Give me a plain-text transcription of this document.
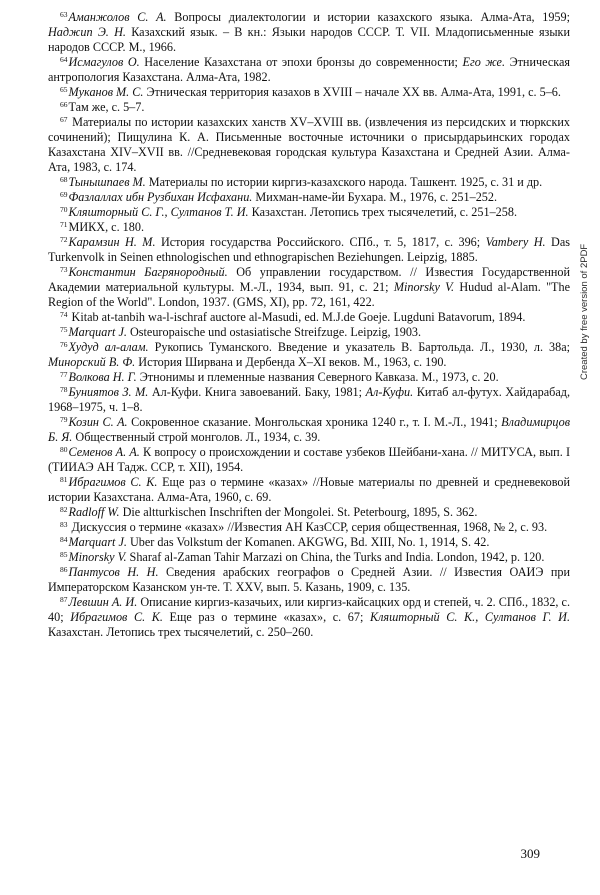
$^{63}$Аманжолов С. А. Вопросы диалектологии и истории казахского языка. Алма-Ата, 1959; Наджип Э. Н. Казахский язык. – В кн.: Языки народов СССР. Т. VII. Младописьменные языки народов СССР. М., 1966.

$^{64}$Исмагулов О. Население Казахстана от эпохи бронзы до современности; Его же. Этническая антропология Казахстана. Алма-Ата, 1982.

$^{65}$Муканов М. С. Этническая территория казахов в XVIII – начале XX вв. Алма-Ата, 1991, с. 5–6.

$^{66}$Там же, с. 5–7.

$^{67}$ Материалы по истории казахских ханств XV–XVIII вв. (извлечения из персидских и тюркских сочинений); Пищулина К. А. Письменные восточные источники о присырдарьинских городах Казахстана XIV–XVII вв. //Средневековая городская культура Казахстана и Средней Азии. Алма-Ата, 1983, с. 174.

$^{68}$Тынышпаев М. Материалы по истории киргиз-казахского народа. Ташкент. 1925, с. 31 и др.

$^{69}$Фазлаллах ибн Рузбихан Исфахани. Михман-наме-йи Бухара. М., 1976, с. 251–252.

$^{70}$Кляшторный С. Г., Султанов Т. И. Казахстан. Летопись трех тысячелетий, с. 251–258.

$^{71}$МИКХ, с. 180.

$^{72}$Карамзин Н. М. История государства Российского. СПб., т. 5, 1817, с. 396; Vambery H. Das Turkenvolk in Seinen ethnologischen und ethnograpischen Beziehungen. Leipzig, 1885.

$^{73}$Константин Багрянородный. Об управлении государством. // Известия Государственной Академии материальной культуры. М.-Л., 1934, вып. 91, с. 21; Minorsky V. Hudud al-Alam. "The Region of the World". London, 1937. (GMS, XI), pp. 72, 161, 422.

$^{74}$ Kitab at-tanbih wa-l-ischraf auctore al-Masudi, ed. M.J.de Goeje. Lugduni Batavorum, 1894.

$^{75}$Marquart J. Osteuropaische und ostasiatische Streifzuge. Leipzig, 1903.

$^{76}$Худуд ал-алам. Рукопись Туманского. Введение и указатель В. Бартольда. Л., 1930, л. 38а; Минорский В. Ф. История Ширвана и Дербенда X–XI веков. М., 1963, с. 190.

$^{77}$Волкова Н. Г. Этнонимы и племенные названия Северного Кавказа. М., 1973, с. 20.

$^{78}$Буниятов З. М. Ал-Куфи. Книга завоеваний. Баку, 1981; Ал-Куфи. Китаб ал-футух. Хайдарабад, 1968–1975, ч. 1–8.

$^{79}$Козин С. А. Сокровенное сказание. Монгольская хроника 1240 г., т. I. М.-Л., 1941; Владимирцов Б. Я. Общественный строй монголов. Л., 1934, с. 39.

$^{80}$Семенов А. А. К вопросу о происхождении и составе узбеков Шейбани-хана. // МИТУСА, вып. I (ТИИАЭ АН Тадж. ССР, т. XII), 1954.

$^{81}$Ибрагимов С. К. Еще раз о термине «казах» //Новые материалы по древней и средневековой истории Казахстана. Алма-Ата, 1960, с. 69.

$^{82}$Radloff W. Die altturkischen Inschriften der Mongolei. St. Peterbourg, 1895, S. 362.

$^{83}$ Дискуссия о термине «казах» //Известия АН КазССР, серия общественная, 1968, № 2, с. 93.

$^{84}$Marquart J. Uber das Volkstum der Komanen. AKGWG, Bd. XIII, No. 1, 1914, S. 42.

$^{85}$Minorsky V. Sharaf al-Zaman Tahir Marzazi on China, the Turks and India. London, 1942, p. 120.

$^{86}$Пантусов Н. Н. Сведения арабских географов о Средней Азии. // Известия ОАИЭ при Императорском Казанском ун-те. Т. XXV, вып. 5. Казань, 1909, с. 135.

$^{87}$Левшин А. И. Описание киргиз-казачьих, или киргиз-кайсацких орд и степей, ч. 2. СПб., 1832, с. 40; Ибрагимов С. К. Еще раз о термине «казах», с. 67; Кляшторный С. К., Султанов Г. И. Казахстан. Летопись трех тысячелетий, с. 250–260.

309
Created by free version of 2PDF
